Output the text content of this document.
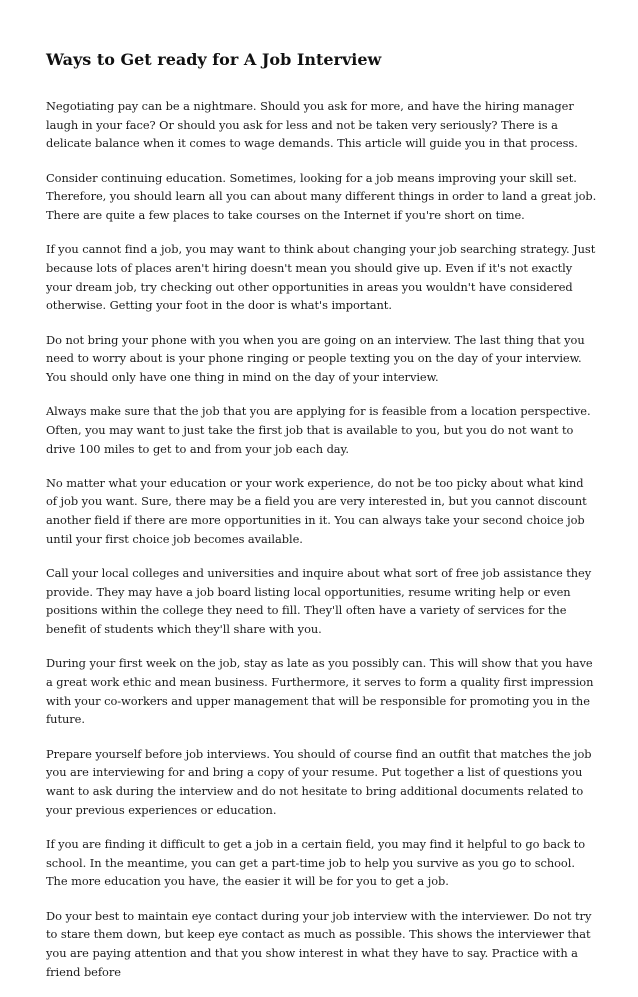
Ways to Get ready for A Job Interview

Negotiating pay can be a nightmare. Should you ask for more, and have the hiring manager laugh in your face? Or should you ask for less and not be taken very seriously? There is a delicate balance when it comes to wage demands. This article will guide you in that process.

Consider continuing education. Sometimes, looking for a job means improving your skill set. Therefore, you should learn all you can about many different things in order to land a great job. There are quite a few places to take courses on the Internet if you're short on time.

If you cannot find a job, you may want to think about changing your job searching strategy. Just because lots of places aren't hiring doesn't mean you should give up. Even if it's not exactly your dream job, try checking out other opportunities in areas you wouldn't have considered otherwise. Getting your foot in the door is what's important.

Do not bring your phone with you when you are going on an interview. The last thing that you need to worry about is your phone ringing or people texting you on the day of your interview. You should only have one thing in mind on the day of your interview.

Always make sure that the job that you are applying for is feasible from a location perspective. Often, you may want to just take the first job that is available to you, but you do not want to drive 100 miles to get to and from your job each day.

No matter what your education or your work experience, do not be too picky about what kind of job you want. Sure, there may be a field you are very interested in, but you cannot discount another field if there are more opportunities in it. You can always take your second choice job until your first choice job becomes available.

Call your local colleges and universities and inquire about what sort of free job assistance they provide. They may have a job board listing local opportunities, resume writing help or even positions within the college they need to fill. They'll often have a variety of services for the benefit of students which they'll share with you.

During your first week on the job, stay as late as you possibly can. This will show that you have a great work ethic and mean business. Furthermore, it serves to form a quality first impression with your co-workers and upper management that will be responsible for promoting you in the future.

Prepare yourself before job interviews. You should of course find an outfit that matches the job you are interviewing for and bring a copy of your resume. Put together a list of questions you want to ask during the interview and do not hesitate to bring additional documents related to your previous experiences or education.

If you are finding it difficult to get a job in a certain field, you may find it helpful to go back to school. In the meantime, you can get a part-time job to help you survive as you go to school. The more education you have, the easier it will be for you to get a job.

Do your best to maintain eye contact during your job interview with the interviewer. Do not try to stare them down, but keep eye contact as much as possible. This shows the interviewer that you are paying attention and that you show interest in what they have to say. Practice with a friend before
